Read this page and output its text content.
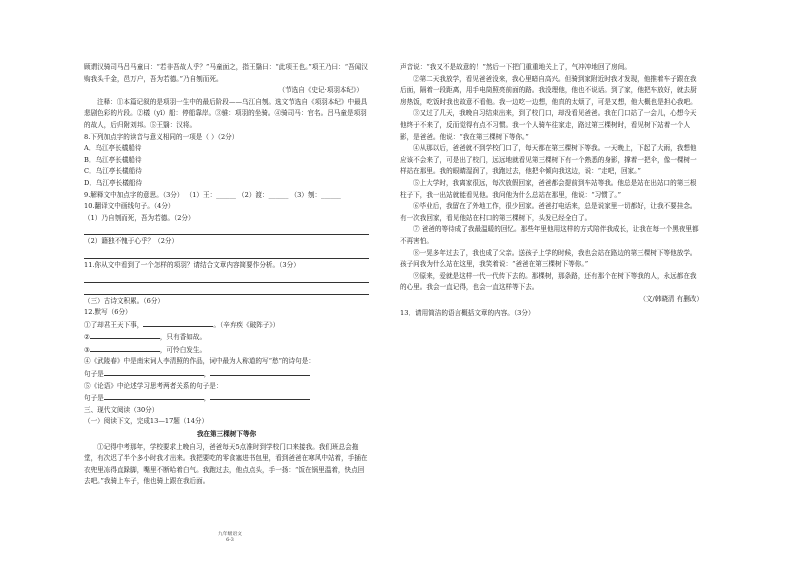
顾谓汉骑司马吕马童曰：“若非吾故人乎？”马童面之，指王翳曰：“此项王也。”项王乃曰：“吾闻汉购我头千金，邑万户，吾为若德。”乃自刎而死。

（节选自《史记·项羽本纪》）

注释：①本篇记叙的是项羽一生中的最后阶段——乌江自刎。选文节选自《项羽本纪》中最具悲剧色彩的片段。②檥（yǐ）船：停船靠岸。③骓：项羽的坐骑。④骑司马：官名。吕马童是项羽的故人，后归附刘邦。⑤王翳：汉将。

8.下列加点字的读音与意义相同的一项是（ ）（2分）

A．乌江亭长檥船待

B．乌江亭长檥船待

C．乌江亭长檥船待

D．乌江亭长檥船待

9.解释文中加点字的意思。（3分） （1）王：______ （2）渡：______ （3）刎：______

10.翻译文中画线句子。（4分）

（1）乃自刎而死，吾为若德。（2分）

（2）籍独不愧于心乎？（2分）

11.你从文中看到了一个怎样的项羽？请结合文章内容简要作分析。（3分）

（三）古诗文积累。（6分）

12.默写（6分）

①了却君王天下事，	。（辛弃疾《破阵子》）

②	，只有香如故。

③	，可怜白发生。

④《武陵春》中是南宋词人李清照的作品，词中最为人称道的写“愁”的诗句是：

句子是	，

⑤《论语》中论述学习思考两者关系的句子是：

句子是	，

三、现代文阅读（30分）

（一）阅读下文，完成13—17题（14分）

我在第三棵树下等你

①记得中考那年，学校要求上晚自习，爸爸每天5点准时到学校门口来接我。我们班总会拖堂，有次迟了半个多小时我才出来。我把要吃的零食塞进书包里，看到爸爸在寒风中站着，手插在衣兜里冻得直跺脚，嘴里不断哈着白气。我跑过去，他点点头，手一扬：“饭在锅里温着，快点回去吧。”我骑上车子，他也骑上跟在我后面。

声音说：“我又不是故意的！”然后一下把门重重地关上了，气冲冲地回了房间。

②第二天我放学，看见爸爸没来，我心里暗自高兴。但骑到家附近时我才发现，他推着车子跟在我后面，隔着一段距离，用手电筒照亮前面的路。我没理他，他也不说话。到了家，他把车放好，就去厨房热饭，吃饭时我也故意不看他。我一边吃一边想，他真的太烦了，可是又想，他大概也是担心我吧。

③又过了几天，我晚自习结束出来，到了校门口，却没看见爸爸。我在门口站了一会儿，心想今天他终于不来了，反而觉得有点不习惯。我一个人骑车往家走，路过第三棵树时，看见树下站着一个人影，是爸爸。他说：“我在第三棵树下等你。”

④从那以后，爸爸就不到学校门口了，每天都在第三棵树下等我。一天晚上，下起了大雨，我想他应该不会来了，可是出了校门，远远地就看见第三棵树下有一个熟悉的身影，撑着一把伞，像一棵树一样站在那里。我的眼睛湿润了，我跑过去，他把伞倾向我这边，说：“走吧，回家。”

⑤上大学时，我离家很远，每次放假回家，爸爸都会提前到车站等我。他总是站在出站口的第三根柱子下，我一出站就能看见他。我问他为什么总站在那里，他说：“习惯了。”

⑥毕业后，我留在了外地工作，很少回家。爸爸打电话来，总是说家里一切都好，让我不要挂念。有一次我回家，看见他站在村口的第三棵树下，头发已经全白了。

⑦ 爸爸的等待成了我最温暖的回忆。那些年里他用这样的方式陪伴我成长，让我在每一个黑夜里都不再害怕。

⑧一晃多年过去了，我也成了父亲。送孩子上学的时候，我也会站在路边的第三棵树下等他放学。孩子问我为什么站在这里，我笑着说：“爸爸在第三棵树下等你。”

⑨原来，爱就是这样一代一代传下去的。那棵树，那条路，还有那个在树下等我的人，永远都在我的心里。我会一直记得，也会一直这样等下去。

（文/韩晓清 有删改）

13．请用简洁的语言概括文章的内容。（3分）

九年级语文
6-3
